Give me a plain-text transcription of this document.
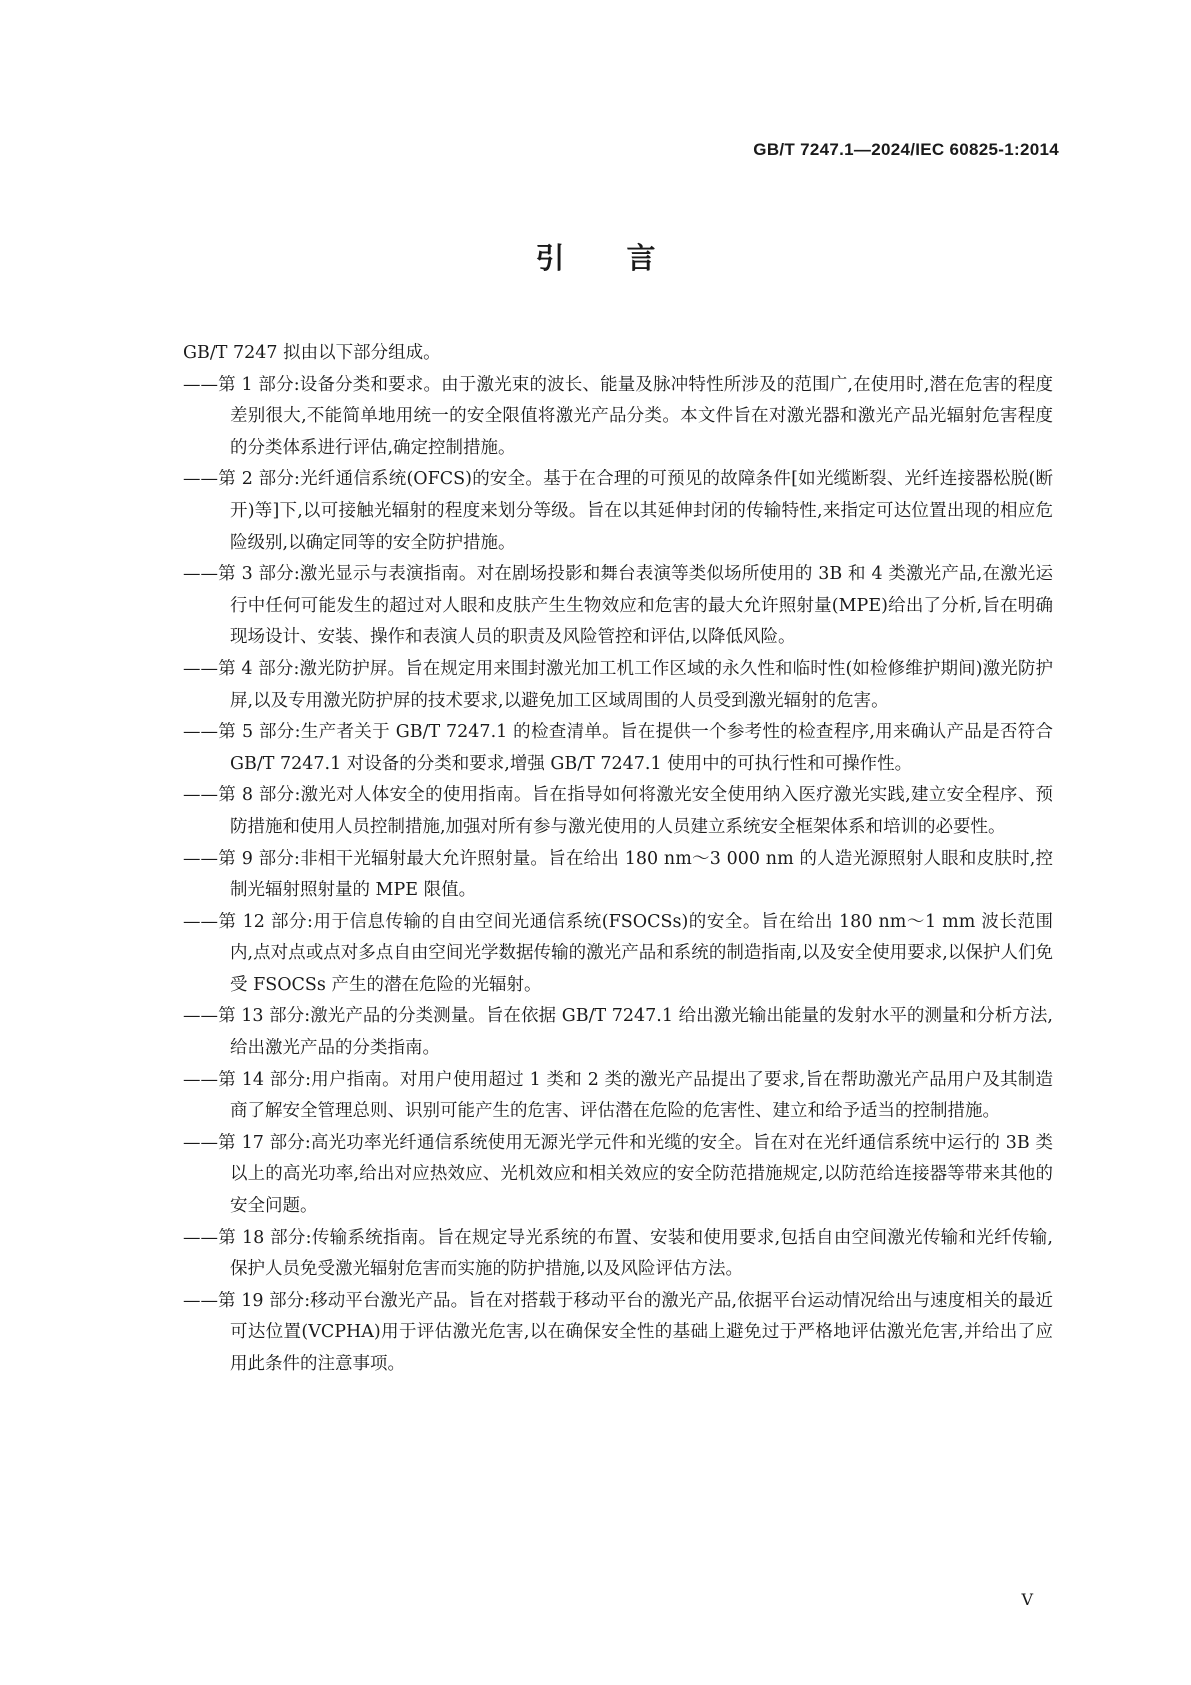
GB/T 7247.1—2024/IEC 60825-1:2014
引言

GB/T 7247 拟由以下部分组成。

——第 1 部分:设备分类和要求。由于激光束的波长、能量及脉冲特性所涉及的范围广,在使用时,潜在危害的程度差别很大,不能简单地用统一的安全限值将激光产品分类。本文件旨在对激光器和激光产品光辐射危害程度的分类体系进行评估,确定控制措施。

——第 2 部分:光纤通信系统(OFCS)的安全。基于在合理的可预见的故障条件[如光缆断裂、光纤连接器松脱(断开)等]下,以可接触光辐射的程度来划分等级。旨在以其延伸封闭的传输特性,来指定可达位置出现的相应危险级别,以确定同等的安全防护措施。

——第 3 部分:激光显示与表演指南。对在剧场投影和舞台表演等类似场所使用的 3B 和 4 类激光产品,在激光运行中任何可能发生的超过对人眼和皮肤产生生物效应和危害的最大允许照射量(MPE)给出了分析,旨在明确现场设计、安装、操作和表演人员的职责及风险管控和评估,以降低风险。

——第 4 部分:激光防护屏。旨在规定用来围封激光加工机工作区域的永久性和临时性(如检修维护期间)激光防护屏,以及专用激光防护屏的技术要求,以避免加工区域周围的人员受到激光辐射的危害。

——第 5 部分:生产者关于 GB/T 7247.1 的检查清单。旨在提供一个参考性的检查程序,用来确认产品是否符合 GB/T 7247.1 对设备的分类和要求,增强 GB/T 7247.1 使用中的可执行性和可操作性。

——第 8 部分:激光对人体安全的使用指南。旨在指导如何将激光安全使用纳入医疗激光实践,建立安全程序、预防措施和使用人员控制措施,加强对所有参与激光使用的人员建立系统安全框架体系和培训的必要性。

——第 9 部分:非相干光辐射最大允许照射量。旨在给出 180 nm～3 000 nm 的人造光源照射人眼和皮肤时,控制光辐射照射量的 MPE 限值。

——第 12 部分:用于信息传输的自由空间光通信系统(FSOCSs)的安全。旨在给出 180 nm～1 mm 波长范围内,点对点或点对多点自由空间光学数据传输的激光产品和系统的制造指南,以及安全使用要求,以保护人们免受 FSOCSs 产生的潜在危险的光辐射。

——第 13 部分:激光产品的分类测量。旨在依据 GB/T 7247.1 给出激光输出能量的发射水平的测量和分析方法,给出激光产品的分类指南。

——第 14 部分:用户指南。对用户使用超过 1 类和 2 类的激光产品提出了要求,旨在帮助激光产品用户及其制造商了解安全管理总则、识别可能产生的危害、评估潜在危险的危害性、建立和给予适当的控制措施。

——第 17 部分:高光功率光纤通信系统使用无源光学元件和光缆的安全。旨在对在光纤通信系统中运行的 3B 类以上的高光功率,给出对应热效应、光机效应和相关效应的安全防范措施规定,以防范给连接器等带来其他的安全问题。

——第 18 部分:传输系统指南。旨在规定导光系统的布置、安装和使用要求,包括自由空间激光传输和光纤传输,保护人员免受激光辐射危害而实施的防护措施,以及风险评估方法。

——第 19 部分:移动平台激光产品。旨在对搭载于移动平台的激光产品,依据平台运动情况给出与速度相关的最近可达位置(VCPHA)用于评估激光危害,以在确保安全性的基础上避免过于严格地评估激光危害,并给出了应用此条件的注意事项。

V
